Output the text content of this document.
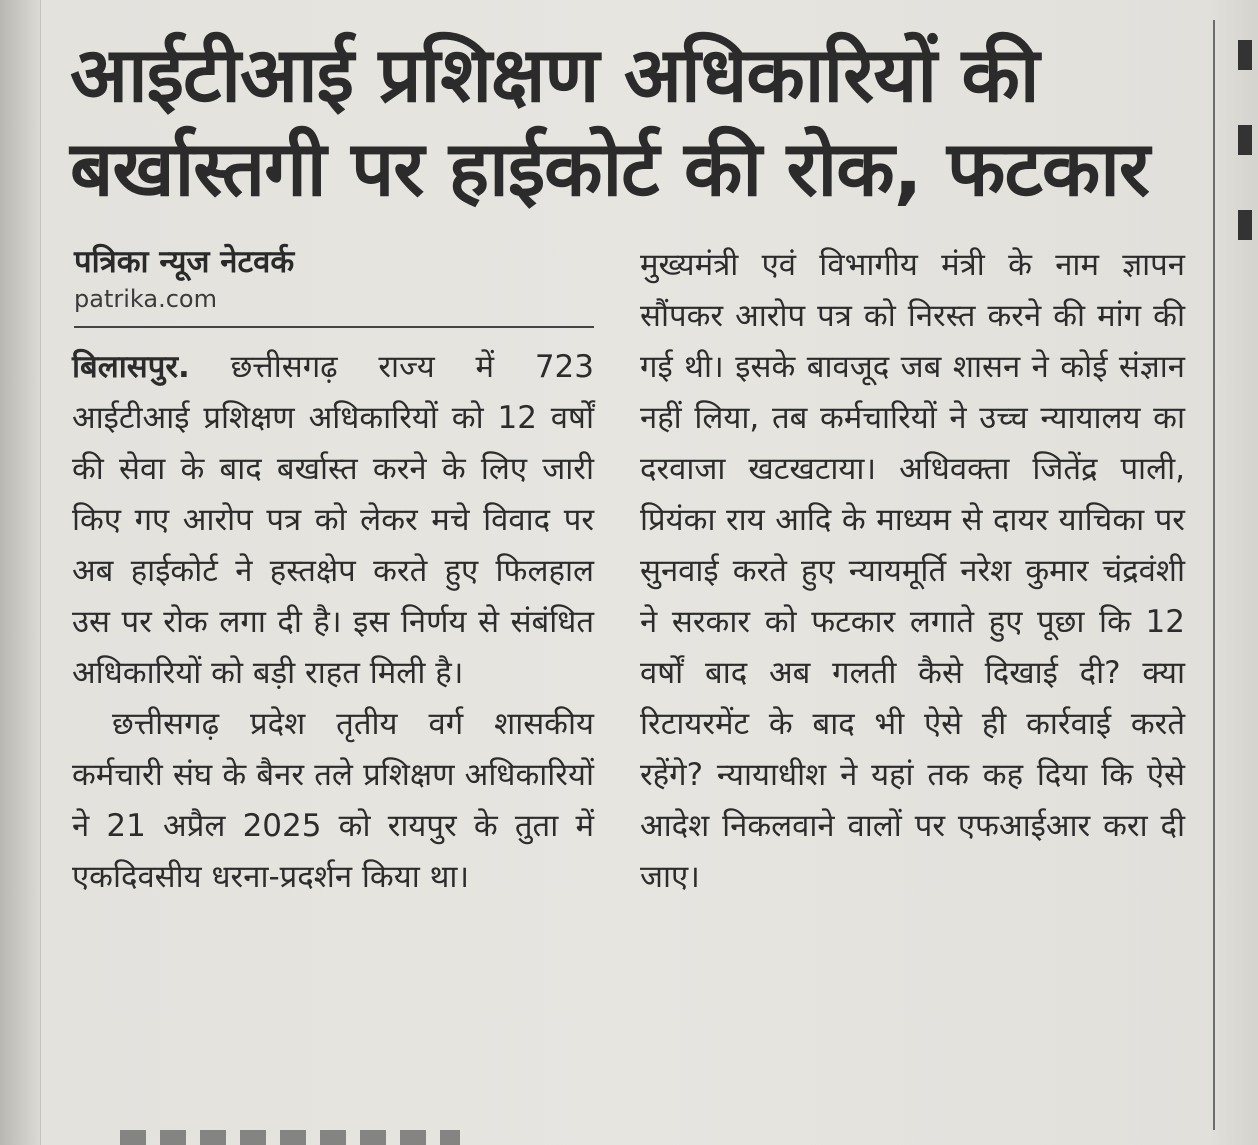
आईटीआई प्रशिक्षण अधिकारियों की
बर्खास्तगी पर हाईकोर्ट की रोक, फटकार
पत्रिका न्यूज नेटवर्क
patrika.com

बिलासपुर. छत्तीसगढ़ राज्य में 723 आईटीआई प्रशिक्षण अधिकारियों को 12 वर्षों की सेवा के बाद बर्खास्त करने के लिए जारी किए गए आरोप पत्र को लेकर मचे विवाद पर अब हाईकोर्ट ने हस्तक्षेप करते हुए फिलहाल उस पर रोक लगा दी है। इस निर्णय से संबंधित अधिकारियों को बड़ी राहत मिली है।

छत्तीसगढ़ प्रदेश तृतीय वर्ग शासकीय कर्मचारी संघ के बैनर तले प्रशिक्षण अधिकारियों ने 21 अप्रैल 2025 को रायपुर के तुता में एकदिवसीय धरना-प्रदर्शन किया था।

मुख्यमंत्री एवं विभागीय मंत्री के नाम ज्ञापन सौंपकर आरोप पत्र को निरस्त करने की मांग की गई थी। इसके बावजूद जब शासन ने कोई संज्ञान नहीं लिया, तब कर्मचारियों ने उच्च न्यायालय का दरवाजा खटखटाया। अधिवक्ता जितेंद्र पाली, प्रियंका राय आदि के माध्यम से दायर याचिका पर सुनवाई करते हुए न्यायमूर्ति नरेश कुमार चंद्रवंशी ने सरकार को फटकार लगाते हुए पूछा कि 12 वर्षों बाद अब गलती कैसे दिखाई दी? क्या रिटायरमेंट के बाद भी ऐसे ही कार्रवाई करते रहेंगे? न्यायाधीश ने यहां तक कह दिया कि ऐसे आदेश निकलवाने वालों पर एफआईआर करा दी जाए।
